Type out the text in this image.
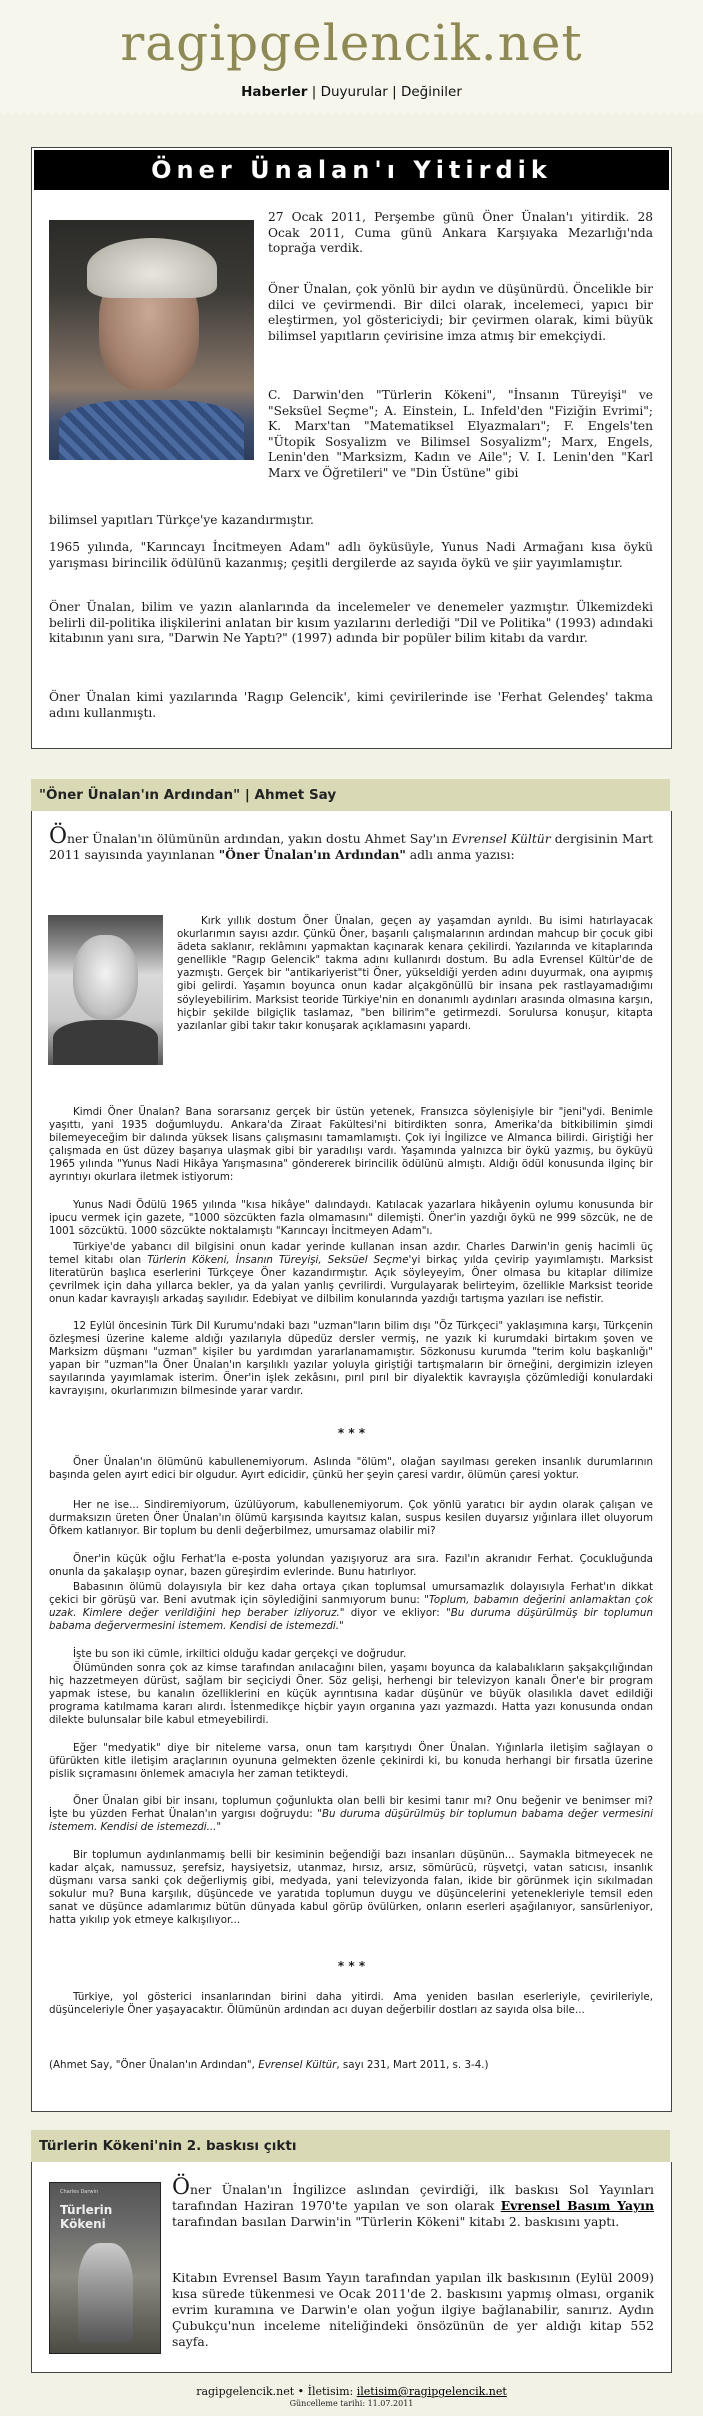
ragipgelencik.net
Haberler | Duyurular | Değiniler
Öner Ünalan'ı Yitirdik

27 Ocak 2011, Perşembe günü Öner Ünalan'ı yitirdik. 28 Ocak 2011, Cuma günü Ankara Karşıyaka Mezarlığı'nda toprağa verdik.

Öner Ünalan, çok yönlü bir aydın ve düşünürdü. Öncelikle bir dilci ve çevirmendi. Bir dilci olarak, incelemeci, yapıcı bir eleştirmen, yol göstericiydi; bir çevirmen olarak, kimi büyük bilimsel yapıtların çevirisine imza atmış bir emekçiydi.

C. Darwin'den "Türlerin Kökeni", "İnsanın Türeyişi" ve "Seksüel Seçme"; A. Einstein, L. Infeld'den "Fiziğin Evrimi"; K. Marx'tan "Matematiksel Elyazmaları"; F. Engels'ten "Ütopik Sosyalizm ve Bilimsel Sosyalizm"; Marx, Engels, Lenin'den "Marksizm, Kadın ve Aile"; V. I. Lenin'den "Karl Marx ve Öğretileri" ve "Din Üstüne" gibi

bilimsel yapıtları Türkçe'ye kazandırmıştır.

1965 yılında, "Karıncayı İncitmeyen Adam" adlı öyküsüyle, Yunus Nadi Armağanı kısa öykü yarışması birincilik ödülünü kazanmış; çeşitli dergilerde az sayıda öykü ve şiir yayımlamıştır.

Öner Ünalan, bilim ve yazın alanlarında da incelemeler ve denemeler yazmıştır. Ülkemizdeki belirli dil-politika ilişkilerini anlatan bir kısım yazılarını derlediği "Dil ve Politika" (1993) adındaki kitabının yanı sıra, "Darwin Ne Yaptı?" (1997) adında bir popüler bilim kitabı da vardır.

Öner Ünalan kimi yazılarında 'Ragıp Gelencik', kimi çevirilerinde ise 'Ferhat Gelendeş' takma adını kullanmıştı.

"Öner Ünalan'ın Ardından" | Ahmet Say

Öner Ünalan'ın ölümünün ardından, yakın dostu Ahmet Say'ın Evrensel Kültür dergisinin Mart 2011 sayısında yayınlanan "Öner Ünalan'ın Ardından" adlı anma yazısı:

Kırk yıllık dostum Öner Ünalan, geçen ay yaşamdan ayrıldı. Bu isimi hatırlayacak okurlarımın sayısı azdır. Çünkü Öner, başarılı çalışmalarının ardından mahcup bir çocuk gibi ädeta saklanır, reklâmını yapmaktan kaçınarak kenara çekilirdi. Yazılarında ve kitaplarında genellikle "Ragıp Gelencik" takma adını kullanırdı dostum. Bu adla Evrensel Kültür'de de yazmıştı. Gerçek bir "antikariyerist"ti Öner, yükseldiği yerden adını duyurmak, ona ayıpmış gibi gelirdi. Yaşamın boyunca onun kadar alçakgönüllü bir insana pek rastlayamadığımı söyleyebilirim. Marksist teoride Türkiye'nin en donanımlı aydınları arasında olmasına karşın, hiçbir şekilde bilgiçlik taslamaz, "ben bilirim"e getirmezdi. Sorulursa konuşur, kitapta yazılanlar gibi takır takır konuşarak açıklamasını yapardı.

Kimdi Öner Ünalan? Bana sorarsanız gerçek bir üstün yetenek, Fransızca söylenişiyle bir "jeni"ydi. Benimle yaşıttı, yani 1935 doğumluydu. Ankara'da Ziraat Fakültesi'ni bitirdikten sonra, Amerika'da bitkibilimin şimdi bilemeyeceğim bir dalında yüksek lisans çalışmasını tamamlamıştı. Çok iyi İngilizce ve Almanca bilirdi. Giriştiği her çalışmada en üst düzey başarıya ulaşmak gibi bir yaradılışı vardı. Yaşamında yalnızca bir öykü yazmış, bu öyküyü 1965 yılında "Yunus Nadi Hikâya Yarışmasına" göndererek birincilik ödülünü almıştı. Aldığı ödül konusunda ilginç bir ayrıntıyı okurlara iletmek istiyorum:

Yunus Nadi Ödülü 1965 yılında "kısa hikâye" dalındaydı. Katılacak yazarlara hikâyenin oylumu konusunda bir ipucu vermek için gazete, "1000 sözcükten fazla olmamasını" dilemişti. Öner'in yazdığı öykü ne 999 sözcük, ne de 1001 sözcüktü. 1000 sözcükte noktalamıştı "Karıncayı İncitmeyen Adam"ı.

Türkiye'de yabancı dil bilgisini onun kadar yerinde kullanan insan azdır. Charles Darwin'in geniş hacimli üç temel kitabı olan Türlerin Kökeni, İnsanın Türeyişi, Seksüel Seçme'yi birkaç yılda çevirip yayımlamıştı. Marksist literatürün başlıca eserlerini Türkçeye Öner kazandırmıştır. Açık söyleyeyim, Öner olmasa bu kitaplar dilimize çevrilmek için daha yıllarca bekler, ya da yalan yanlış çevrilirdi. Vurgulayarak belirteyim, özellikle Marksist teoride onun kadar kavrayışlı arkadaş sayılıdır. Edebiyat ve dilbilim konularında yazdığı tartışma yazıları ise nefistir.

12 Eylül öncesinin Türk Dil Kurumu'ndaki bazı "uzman"ların bilim dışı "Öz Türkçeci" yaklaşımına karşı, Türkçenin özleşmesi üzerine kaleme aldığı yazılarıyla düpedüz dersler vermiş, ne yazık ki kurumdaki birtakım şoven ve Marksizm düşmanı "uzman" kişiler bu yardımdan yararlanamamıştır. Sözkonusu kurumda "terim kolu başkanlığı" yapan bir "uzman"la Öner Ünalan'ın karşılıklı yazılar yoluyla giriştiği tartışmaların bir örneğini, dergimizin izleyen sayılarında yayımlamak isterim. Öner'in işlek zekâsını, pırıl pırıl bir diyalektik kavrayışla çözümlediği konulardaki kavrayışını, okurlarımızın bilmesinde yarar vardır.

* * *

Öner Ünalan'ın ölümünü kabullenemiyorum. Aslında "ölüm", olağan sayılması gereken insanlık durumlarının başında gelen ayırt edici bir olgudur. Ayırt edicidir, çünkü her şeyin çaresi vardır, ölümün çaresi yoktur.

Her ne ise... Sindiremiyorum, üzülüyorum, kabullenemiyorum. Çok yönlü yaratıcı bir aydın olarak çalışan ve durmaksızın üreten Öner Ünalan'ın ölümü karşısında kayıtsız kalan, suspus kesilen duyarsız yığınlara illet oluyorum Öfkem katlanıyor. Bir toplum bu denli değerbilmez, umursamaz olabilir mi?

Öner'in küçük oğlu Ferhat'la e-posta yolundan yazışıyoruz ara sıra. Fazıl'ın akranıdır Ferhat. Çocukluğunda onunla da şakalaşıp oynar, bazen güreşirdim evlerinde. Bunu hatırlıyor.

Babasının ölümü dolayısıyla bir kez daha ortaya çıkan toplumsal umursamazlık dolayısıyla Ferhat'ın dikkat çekici bir görüşü var. Beni avutmak için söylediğini sanmıyorum bunu: "Toplum, babamın değerini anlamaktan çok uzak. Kimlere değer verildiğini hep beraber izliyoruz." diyor ve ekliyor: "Bu duruma düşürülmüş bir toplumun babama değervermesini istemem. Kendisi de istemezdi."

İşte bu son iki cümle, irkiltici olduğu kadar gerçekçi ve doğrudur.

Ölümünden sonra çok az kimse tarafından anılacağını bilen, yaşamı boyunca da kalabalıkların şakşakçılığından hiç hazzetmeyen dürüst, sağlam bir seçiciydi Öner. Söz gelişi, herhengi bir televizyon kanalı Öner'e bir program yapmak istese, bu kanalın özelliklerini en küçük ayrıntısına kadar düşünür ve büyük olasılıkla davet edildiği programa katılmama kararı alırdı. İstenmedikçe hiçbir yayın organına yazı yazmazdı. Hatta yazı konusunda ondan dilekte bulunsalar bile kabul etmeyebilirdi.

Eğer "medyatik" diye bir niteleme varsa, onun tam karşıtıydı Öner Ünalan. Yığınlarla iletişim sağlayan o üfürükten kitle iletişim araçlarının oyununa gelmekten özenle çekinirdi ki, bu konuda herhangi bir fırsatla üzerine pislik sıçramasını önlemek amacıyla her zaman tetikteydi.

Öner Ünalan gibi bir insanı, toplumun çoğunlukta olan belli bir kesimi tanır mı? Onu beğenir ve benimser mi? İşte bu yüzden Ferhat Ünalan'ın yargısı doğruydu: "Bu duruma düşürülmüş bir toplumun babama değer vermesini istemem. Kendisi de istemezdi..."

Bir toplumun aydınlanmamış belli bir kesiminin beğendiği bazı insanları düşünün... Saymakla bitmeyecek ne kadar alçak, namussuz, şerefsiz, haysiyetsiz, utanmaz, hırsız, arsız, sömürücü, rüşvetçi, vatan satıcısı, insanlık düşmanı varsa sanki çok değerliymiş gibi, medyada, yani televizyonda falan, ikide bir görünmek için sıkılmadan sokulur mu? Buna karşılık, düşüncede ve yaratıda toplumun duygu ve düşüncelerini yetenekleriyle temsil eden sanat ve düşünce adamlarımız bütün dünyada kabul görüp övülürken, onların eserleri aşağılanıyor, sansürleniyor, hatta yıkılıp yok etmeye kalkışılıyor...

* * *

Türkiye, yol gösterici insanlarından birini daha yitirdi. Ama yeniden basılan eserleriyle, çevirileriyle, düşünceleriyle Öner yaşayacaktır. Ölümünün ardından acı duyan değerbilir dostları az sayıda olsa bile...

(Ahmet Say, "Öner Ünalan'ın Ardından", Evrensel Kültür, sayı 231, Mart 2011, s. 3-4.)

Türlerin Kökeni'nin 2. baskısı çıktı
Charles Darwin
Türlerin
Kökeni

Öner Ünalan'ın İngilizce aslından çevirdiği, ilk baskısı Sol Yayınları tarafından Haziran 1970'te yapılan ve son olarak Evrensel Basım Yayın tarafından basılan Darwin'in "Türlerin Kökeni" kitabı 2. baskısını yaptı.

Kitabın Evrensel Basım Yayın tarafından yapılan ilk baskısının (Eylül 2009) kısa sürede tükenmesi ve Ocak 2011'de 2. baskısını yapmış olması, organik evrim kuramına ve Darwin'e olan yoğun ilgiye bağlanabilir, sanırız. Aydın Çubukçu'nun inceleme niteliğindeki önsözünün de yer aldığı kitap 552 sayfa.

ragipgelencik.net • İletisim: iletisim@ragipgelencik.net
Güncelleme tarihi: 11.07.2011
